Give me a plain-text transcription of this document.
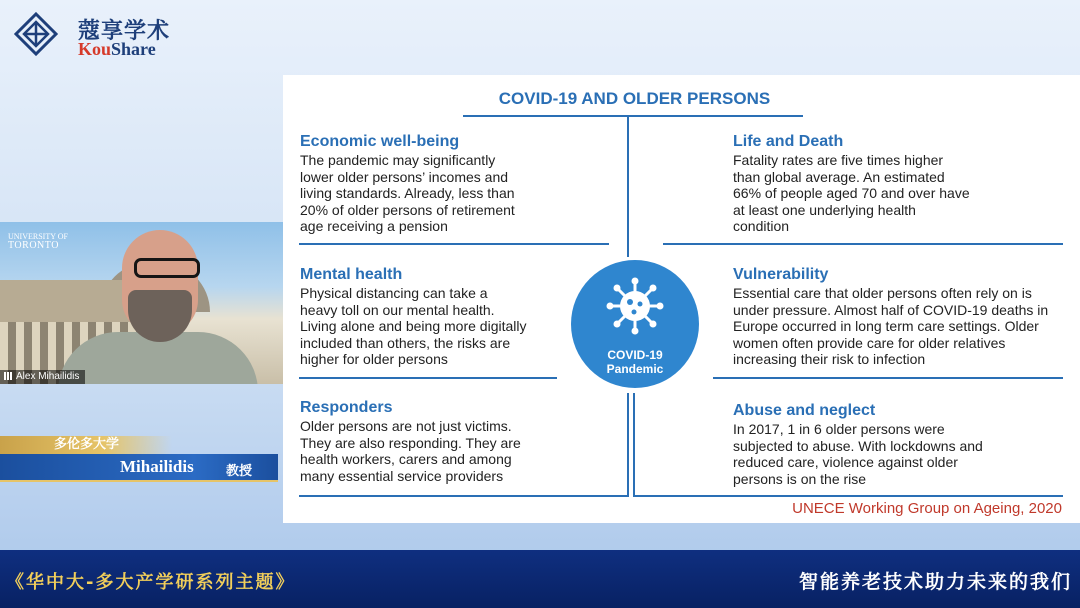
蔻享学术
KouShare
COVID-19 AND OLDER PERSONS
Economic well-being
The pandemic may significantly
lower older persons’ incomes and
living standards. Already, less than
20% of older persons of retirement
age receiving a pension
Life and Death
Fatality rates are five times higher
than global average. An estimated
66% of people aged 70 and over have
at least one underlying health
condition
Mental health
Physical distancing can take a
heavy toll on our mental health.
Living alone and being more digitally
included than others, the risks are
higher for older persons
Vulnerability
Essential care that older persons often rely on is
under pressure. Almost half of COVID-19 deaths in
Europe occurred in long term care settings. Older
women often provide care for older relatives
increasing their risk to infection
Responders
Older persons are not just victims.
They are also responding. They are
health workers, carers and among
many essential service providers
Abuse and neglect
In 2017, 1 in 6 older persons were
subjected to abuse. With lockdowns and
reduced care, violence against older
persons is on the rise
COVID-19
Pandemic
UNECE Working Group on Ageing, 2020
UNIVERSITY OF
TORONTO
Alex Mihailidis
多伦多大学
Mihailidis 教授
《华中大-多大产学研系列主题》	智能养老技术助力未来的我们
